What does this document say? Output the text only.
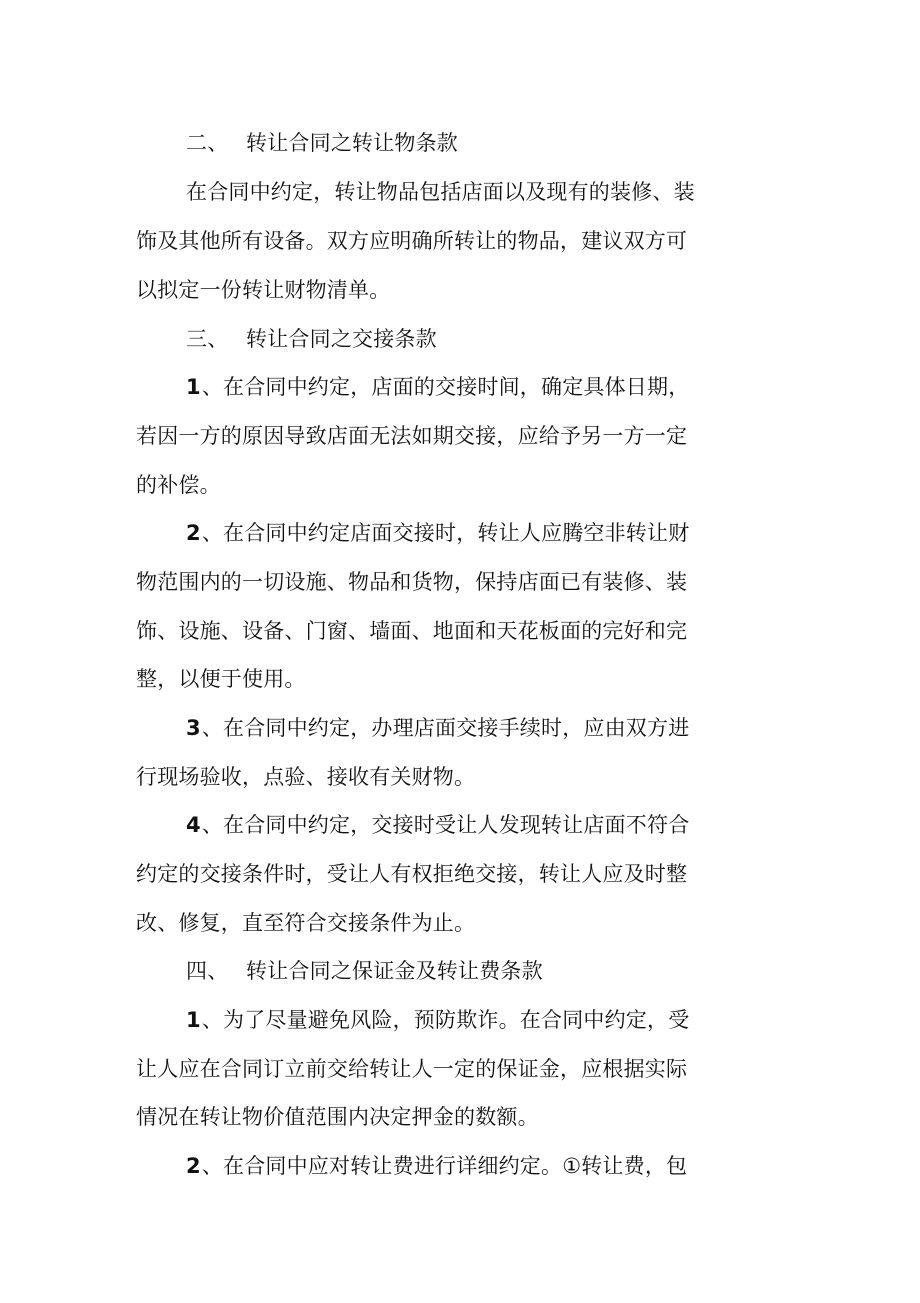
二、 转让合同之转让物条款
在合同中约定，转让物品包括店面以及现有的装修、装
饰及其他所有设备。双方应明确所转让的物品，建议双方可
以拟定一份转让财物清单。
三、 转让合同之交接条款
1、在合同中约定，店面的交接时间，确定具体日期，
若因一方的原因导致店面无法如期交接，应给予另一方一定
的补偿。
2、在合同中约定店面交接时，转让人应腾空非转让财
物范围内的一切设施、物品和货物，保持店面已有装修、装
饰、设施、设备、门窗、墙面、地面和天花板面的完好和完
整，以便于使用。
3、在合同中约定，办理店面交接手续时，应由双方进
行现场验收，点验、接收有关财物。
4、在合同中约定，交接时受让人发现转让店面不符合
约定的交接条件时，受让人有权拒绝交接，转让人应及时整
改、修复，直至符合交接条件为止。
四、 转让合同之保证金及转让费条款
1、为了尽量避免风险，预防欺诈。在合同中约定，受
让人应在合同订立前交给转让人一定的保证金，应根据实际
情况在转让物价值范围内决定押金的数额。
2、在合同中应对转让费进行详细约定。①转让费，包
